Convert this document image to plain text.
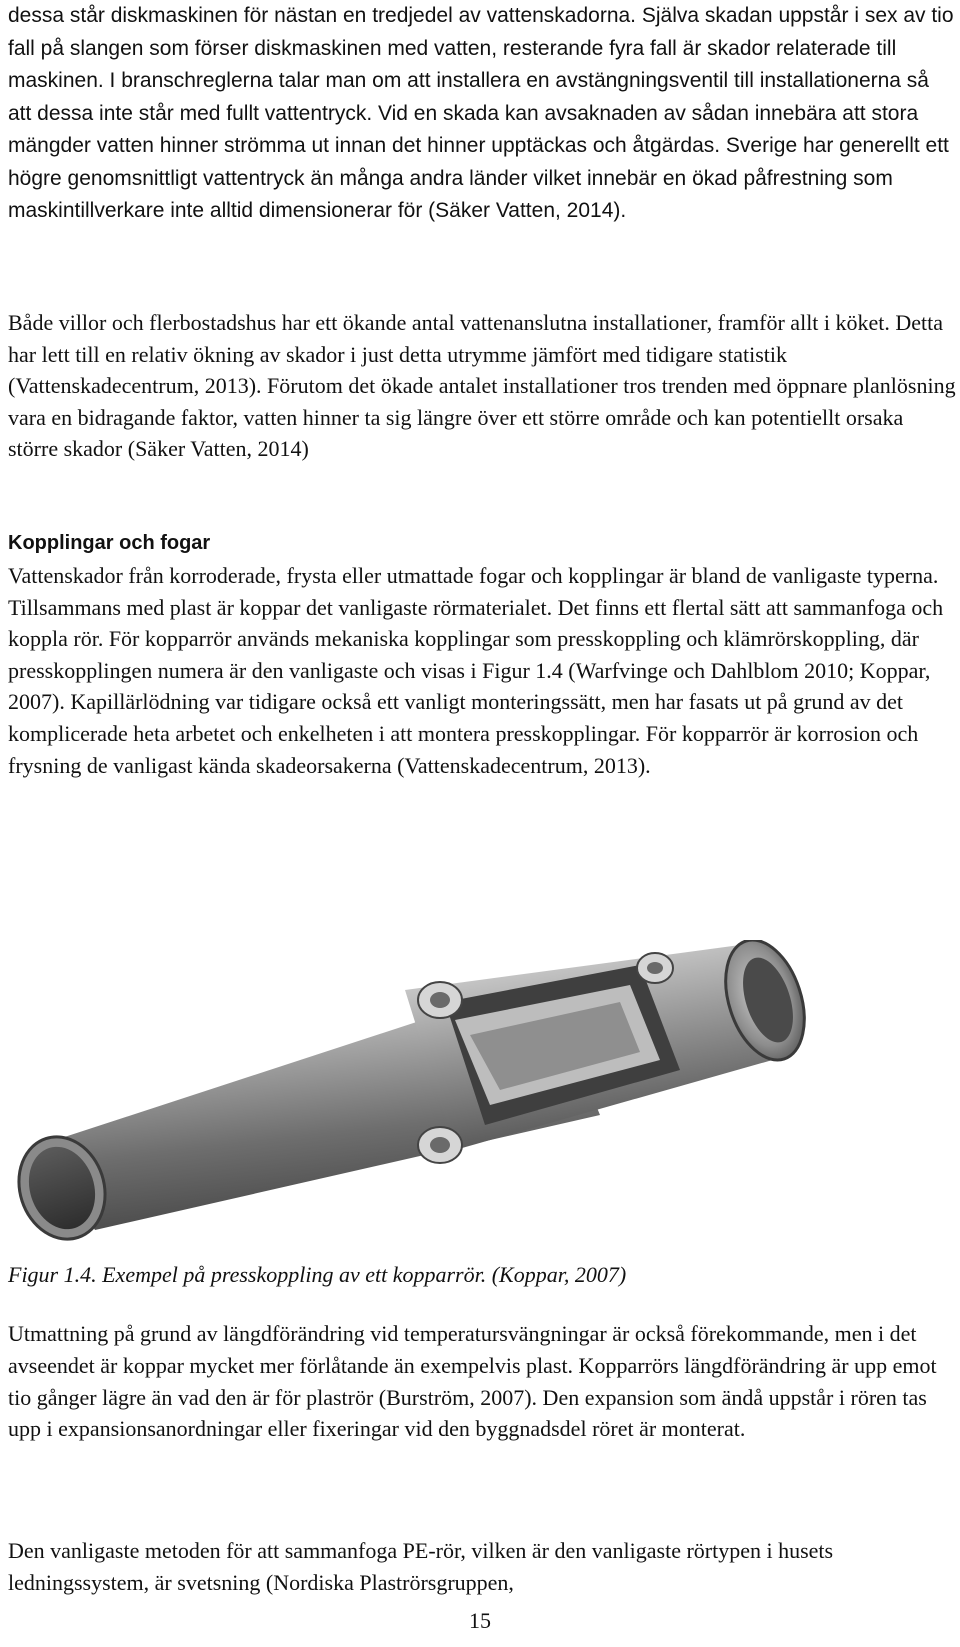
dessa står diskmaskinen för nästan en tredjedel av vattenskadorna. Själva skadan uppstår i sex av tio fall på slangen som förser diskmaskinen med vatten, resterande fyra fall är skador relaterade till maskinen. I branschreglerna talar man om att installera en avstängningsventil till installationerna så att dessa inte står med fullt vattentryck. Vid en skada kan avsaknaden av sådan innebära att stora mängder vatten hinner strömma ut innan det hinner upptäckas och åtgärdas. Sverige har generellt ett högre genomsnittligt vattentryck än många andra länder vilket innebär en ökad påfrestning som maskintillverkare inte alltid dimensionerar för (Säker Vatten, 2014).

Både villor och flerbostadshus har ett ökande antal vattenanslutna installationer, framför allt i köket. Detta har lett till en relativ ökning av skador i just detta utrymme jämfört med tidigare statistik (Vattenskadecentrum, 2013). Förutom det ökade antalet installationer tros trenden med öppnare planlösning vara en bidragande faktor, vatten hinner ta sig längre över ett större område och kan potentiellt orsaka större skador (Säker Vatten, 2014)

Kopplingar och fogar

Vattenskador från korroderade, frysta eller utmattade fogar och kopplingar är bland de vanligaste typerna. Tillsammans med plast är koppar det vanligaste rörmaterialet. Det finns ett flertal sätt att sammanfoga och koppla rör. För kopparrör används mekaniska kopplingar som presskoppling och klämrörskoppling, där presskopplingen numera är den vanligaste och visas i Figur 1.4 (Warfvinge och Dahlblom 2010; Koppar, 2007). Kapillärlödning var tidigare också ett vanligt monteringssätt, men har fasats ut på grund av det komplicerade heta arbetet och enkelheten i att montera presskopplingar. För kopparrör är korrosion och frysning de vanligast kända skadeorsakerna (Vattenskadecentrum, 2013).

Figur 1.4. Exempel på presskoppling av ett kopparrör. (Koppar, 2007)

Utmattning på grund av längdförändring vid temperatursvängningar är också förekommande, men i det avseendet är koppar mycket mer förlåtande än exempelvis plast. Kopparrörs längdförändring är upp emot tio gånger lägre än vad den är för plaströr (Burström, 2007). Den expansion som ändå uppstår i rören tas upp i expansionsanordningar eller fixeringar vid den byggnadsdel röret är monterat.

Den vanligaste metoden för att sammanfoga PE-rör, vilken är den vanligaste rörtypen i husets ledningssystem, är svetsning (Nordiska Plaströrsgruppen,

15
